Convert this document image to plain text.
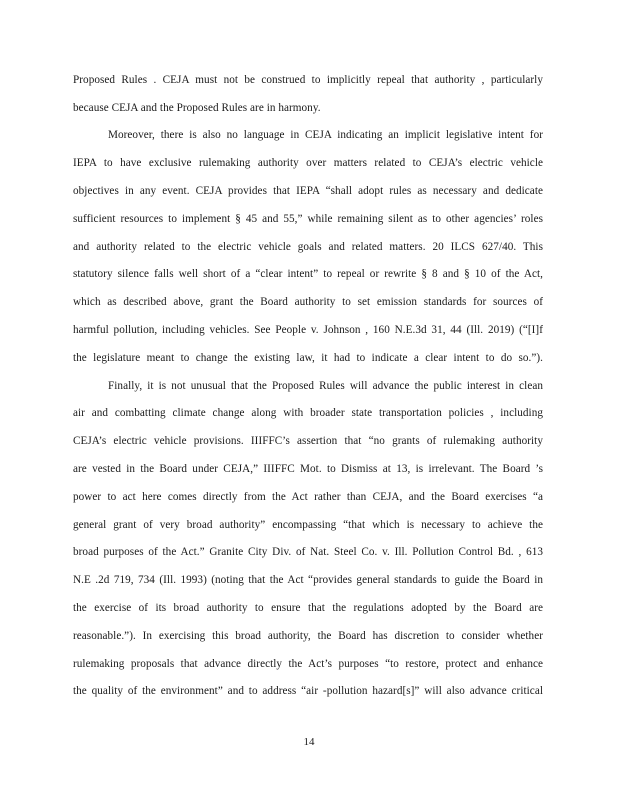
Proposed Rules . CEJA must not be construed to implicitly repeal that authority , particularly
because CEJA and the Proposed Rules are in harmony.
Moreover, there is also no language in CEJA indicating an implicit legislative intent for
IEPA to have exclusive rulemaking authority over matters related to CEJA’s electric vehicle
objectives in any event. CEJA provides that IEPA “shall adopt rules as necessary and dedicate
sufficient resources to implement § 45 and 55,” while remaining silent as to other agencies’ roles
and authority related to the electric vehicle goals and related matters. 20 ILCS 627/40. This
statutory silence falls well short of a “clear intent” to repeal or rewrite § 8 and § 10 of the Act,
which as described above, grant the Board authority to set emission standards for sources of
harmful pollution, including vehicles. See People v. Johnson , 160 N.E.3d 31, 44 (Ill. 2019) (“[I]f
the legislature meant to change the existing law, it had to indicate a clear intent to do so.”).
Finally, it is not unusual that the Proposed Rules will advance the public interest in clean
air and combatting climate change along with broader state transportation policies , including
CEJA’s electric vehicle provisions. IIIFFC’s assertion that “no grants of rulemaking authority
are vested in the Board under CEJA,” IIIFFC Mot. to Dismiss at 13, is irrelevant. The Board ’s
power to act here comes directly from the Act rather than CEJA, and the Board exercises “a
general grant of very broad authority” encompassing “that which is necessary to achieve the
broad purposes of the Act.” Granite City Div. of Nat. Steel Co. v. Ill. Pollution Control Bd. , 613
N.E .2d 719, 734 (Ill. 1993) (noting that the Act “provides general standards to guide the Board in
the exercise of its broad authority to ensure that the regulations adopted by the Board are
reasonable.”). In exercising this broad authority, the Board has discretion to consider whether
rulemaking proposals that advance directly the Act’s purposes “to restore, protect and enhance
the quality of the environment” and to address “air -pollution hazard[s]” will also advance critical
14
